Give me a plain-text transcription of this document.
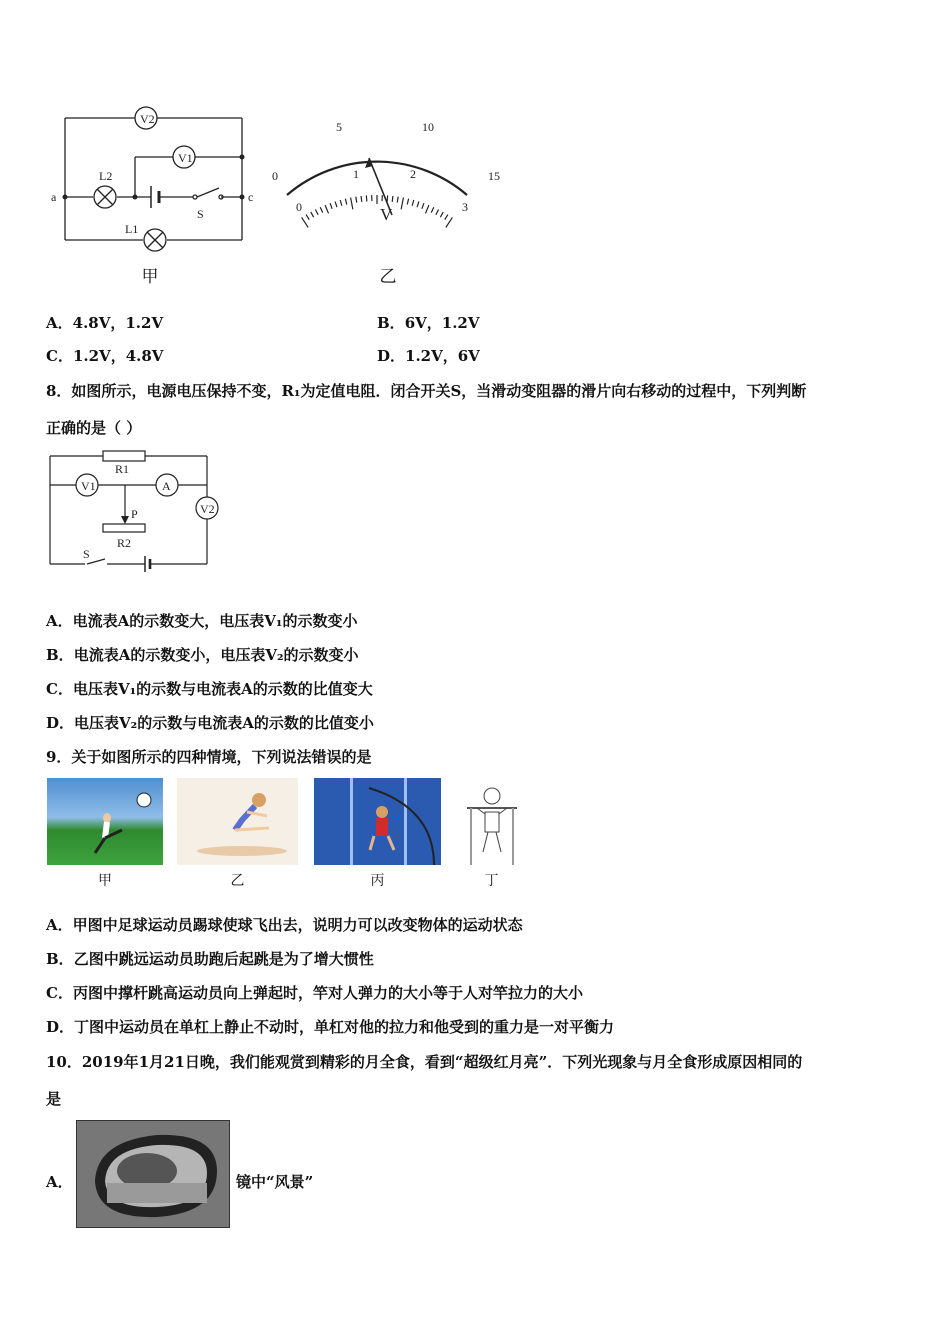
V2
V1
L2
L1
a	c
S
甲
0
5	10
15
0
1	2
3
V
乙
A．4.8V，1.2V	B．6V，1.2V
C．1.2V，4.8V	D．1.2V，6V
8．如图所示，电源电压保持不变，R₁为定值电阻．闭合开关S，当滑动变阻器的滑片向右移动的过程中，下列判断
正确的是（ ）
R1
V1	A
V2
P
R2
S
A．电流表A的示数变大，电压表V₁的示数变小
B．电流表A的示数变小，电压表V₂的示数变小
C．电压表V₁的示数与电流表A的示数的比值变大
D．电压表V₂的示数与电流表A的示数的比值变小
9．关于如图所示的四种情境，下列说法错误的是
甲	乙	丙	丁
A．甲图中足球运动员踢球使球飞出去，说明力可以改变物体的运动状态
B．乙图中跳远运动员助跑后起跳是为了增大惯性
C．丙图中撑杆跳高运动员向上弹起时，竿对人弹力的大小等于人对竿拉力的大小
D．丁图中运动员在单杠上静止不动时，单杠对他的拉力和他受到的重力是一对平衡力
10．2019年1月21日晚，我们能观赏到精彩的月全食，看到“超级红月亮”．下列光现象与月全食形成原因相同的
是
A．	镜中“风景”
